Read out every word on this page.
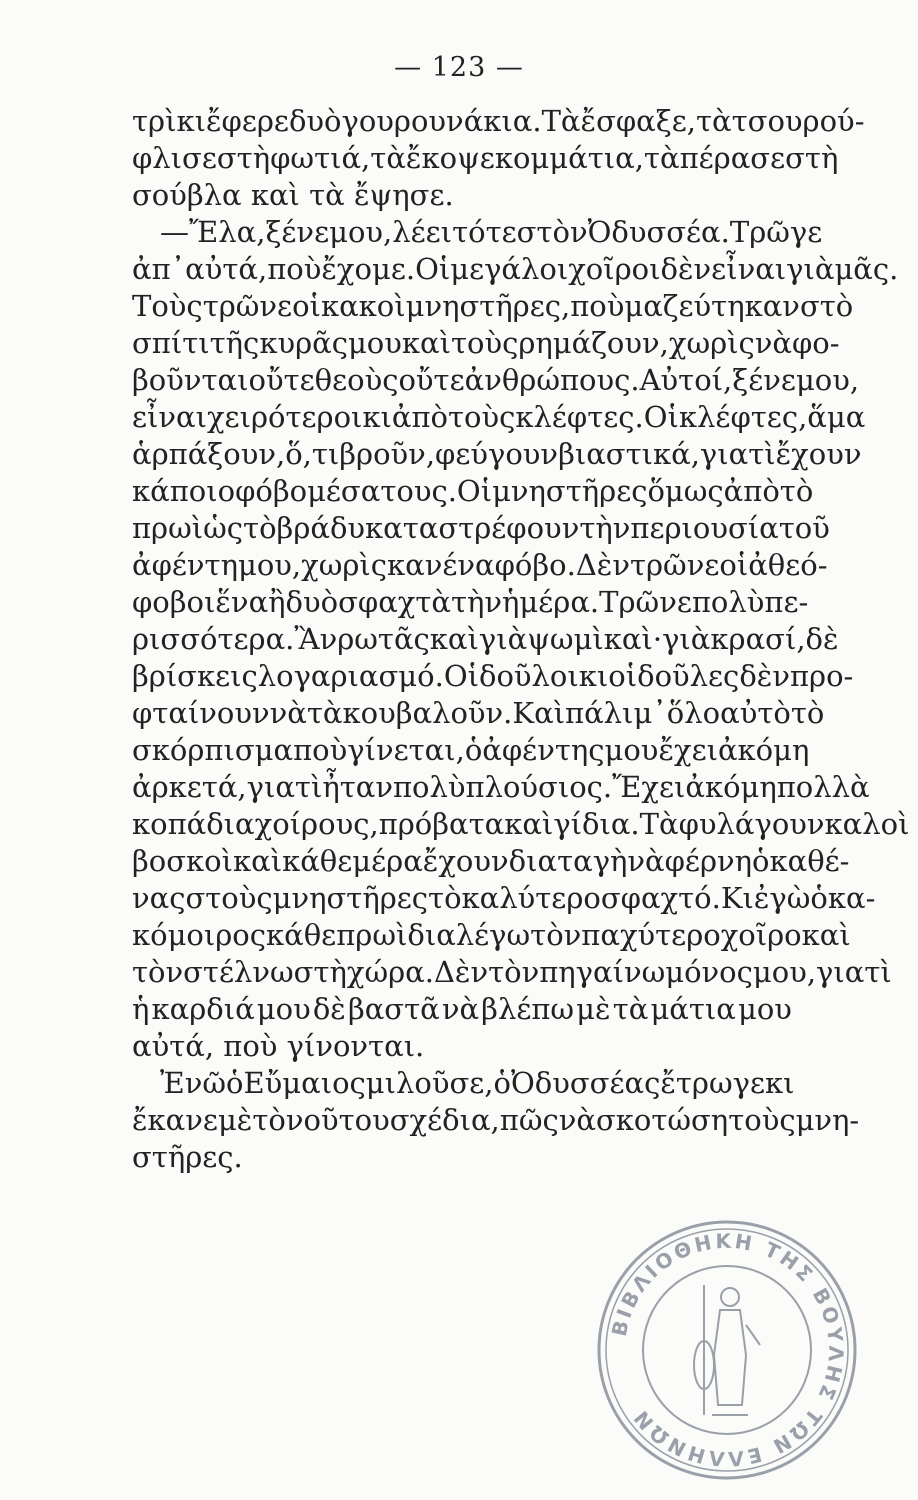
— 123 —
τρὶ κι ἔφερε δυὸ γουρουνάκια. Τὰ ἔσφαξε, τὰ τσουρού-
φλισε στὴ φωτιά, τὰ ἔκοψε κομμάτια, τὰ πέρασε στὴ
σούβλα καὶ τὰ ἔψησε.
— Ἔλα, ξένε μου, λέει τότε στὸν Ὀδυσσέα. Τρῶγε
ἀπ᾽ αὐτά, ποὺ ἔχομε. Οἱ μεγάλοι χοῖροι δὲν εἶναι γιὰ μᾶς.
Τοὺς τρῶνε οἱ κακοὶ μνηστῆρες, ποὺ μαζεύτηκαν στὸ
σπίτι τῆς κυρᾶς μου καὶ τοὺς ρημάζουν, χωρὶς νὰ φο-
βοῦνται οὔτε θεοὺς οὔτε ἀνθρώπους. Αὐτοί, ξένε μου,
εἶναι χειρότεροι κι ἀπὸ τοὺς κλέφτες. Οἱ κλέφτες, ἅμα
ἁρπάξουν, ὅ,τι βροῦν, φεύγουν βιαστικά, γιατὶ ἔχουν
κάποιο φόβο μέσα τους. Οἱ μνηστῆρες ὅμως ἀπὸ τὸ
πρωὶ ὡς τὸ βράδυ καταστρέφουν τὴν περιουσία τοῦ
ἀφέντη μου, χωρὶς κανένα φόβο. Δὲν τρῶνε οἱ ἀθεό-
φοβοι ἕνα ἢ δυὸ σφαχτὰ τὴν ἡμέρα. Τρῶνε πολὺ πε-
ρισσότερα. Ἂν ρωτᾶς καὶ γιὰ ψωμὶ καὶ·γιὰ κρασί, δὲ
βρίσκεις λογαριασμό. Οἱ δοῦλοι κι οἱ δοῦλες δὲν προ-
φταίνουν νὰ τὰ κουβαλοῦν. Καὶ πάλι μ᾽ ὅλο αὐτὸ τὸ
σκόρπισμα ποὺ γίνεται, ὁ ἀφέντης μου ἔχει ἀκόμη
ἀρκετά, γιατὶ ἦταν πολὺ πλούσιος. Ἔχει ἀκόμη πολλὰ
κοπάδια χοίρους, πρόβατα καὶ γίδια. Τὰ φυλάγουν καλοὶ
βοσκοὶ καὶ κάθε μέρα ἔχουν διαταγὴ νὰ φέρνη ὁ καθέ-
νας στοὺς μνηστῆρες τὸ καλύτερο σφαχτό. Κι ἐγὼ ὁ κα-
κόμοιρος κάθε πρωὶ διαλέγω τὸν παχύτερο χοῖρο καὶ
τὸν στέλνω στὴ χώρα. Δὲν τὸν πηγαίνω μόνος μου, γιατὶ
ἡ καρδιά μου δὲ βαστᾶ νὰ βλέπω μὲ τὰ μάτια μου
αὐτά, ποὺ γίνονται.
Ἐνῶ ὁ Εὔμαιος μιλοῦσε, ὁ Ὀδυσσέας ἔτρωγε κι
ἔκανε μὲ τὸ νοῦ του σχέδια, πῶς νὰ σκοτώση τοὺς μνη-
στῆρες.
ΒΙΒΛΙΟΘΗΚΗ ΤΗΣ ΒΟΥΛΗΣ ΤΩΝ ΕΛΛΗΝΩΝ
